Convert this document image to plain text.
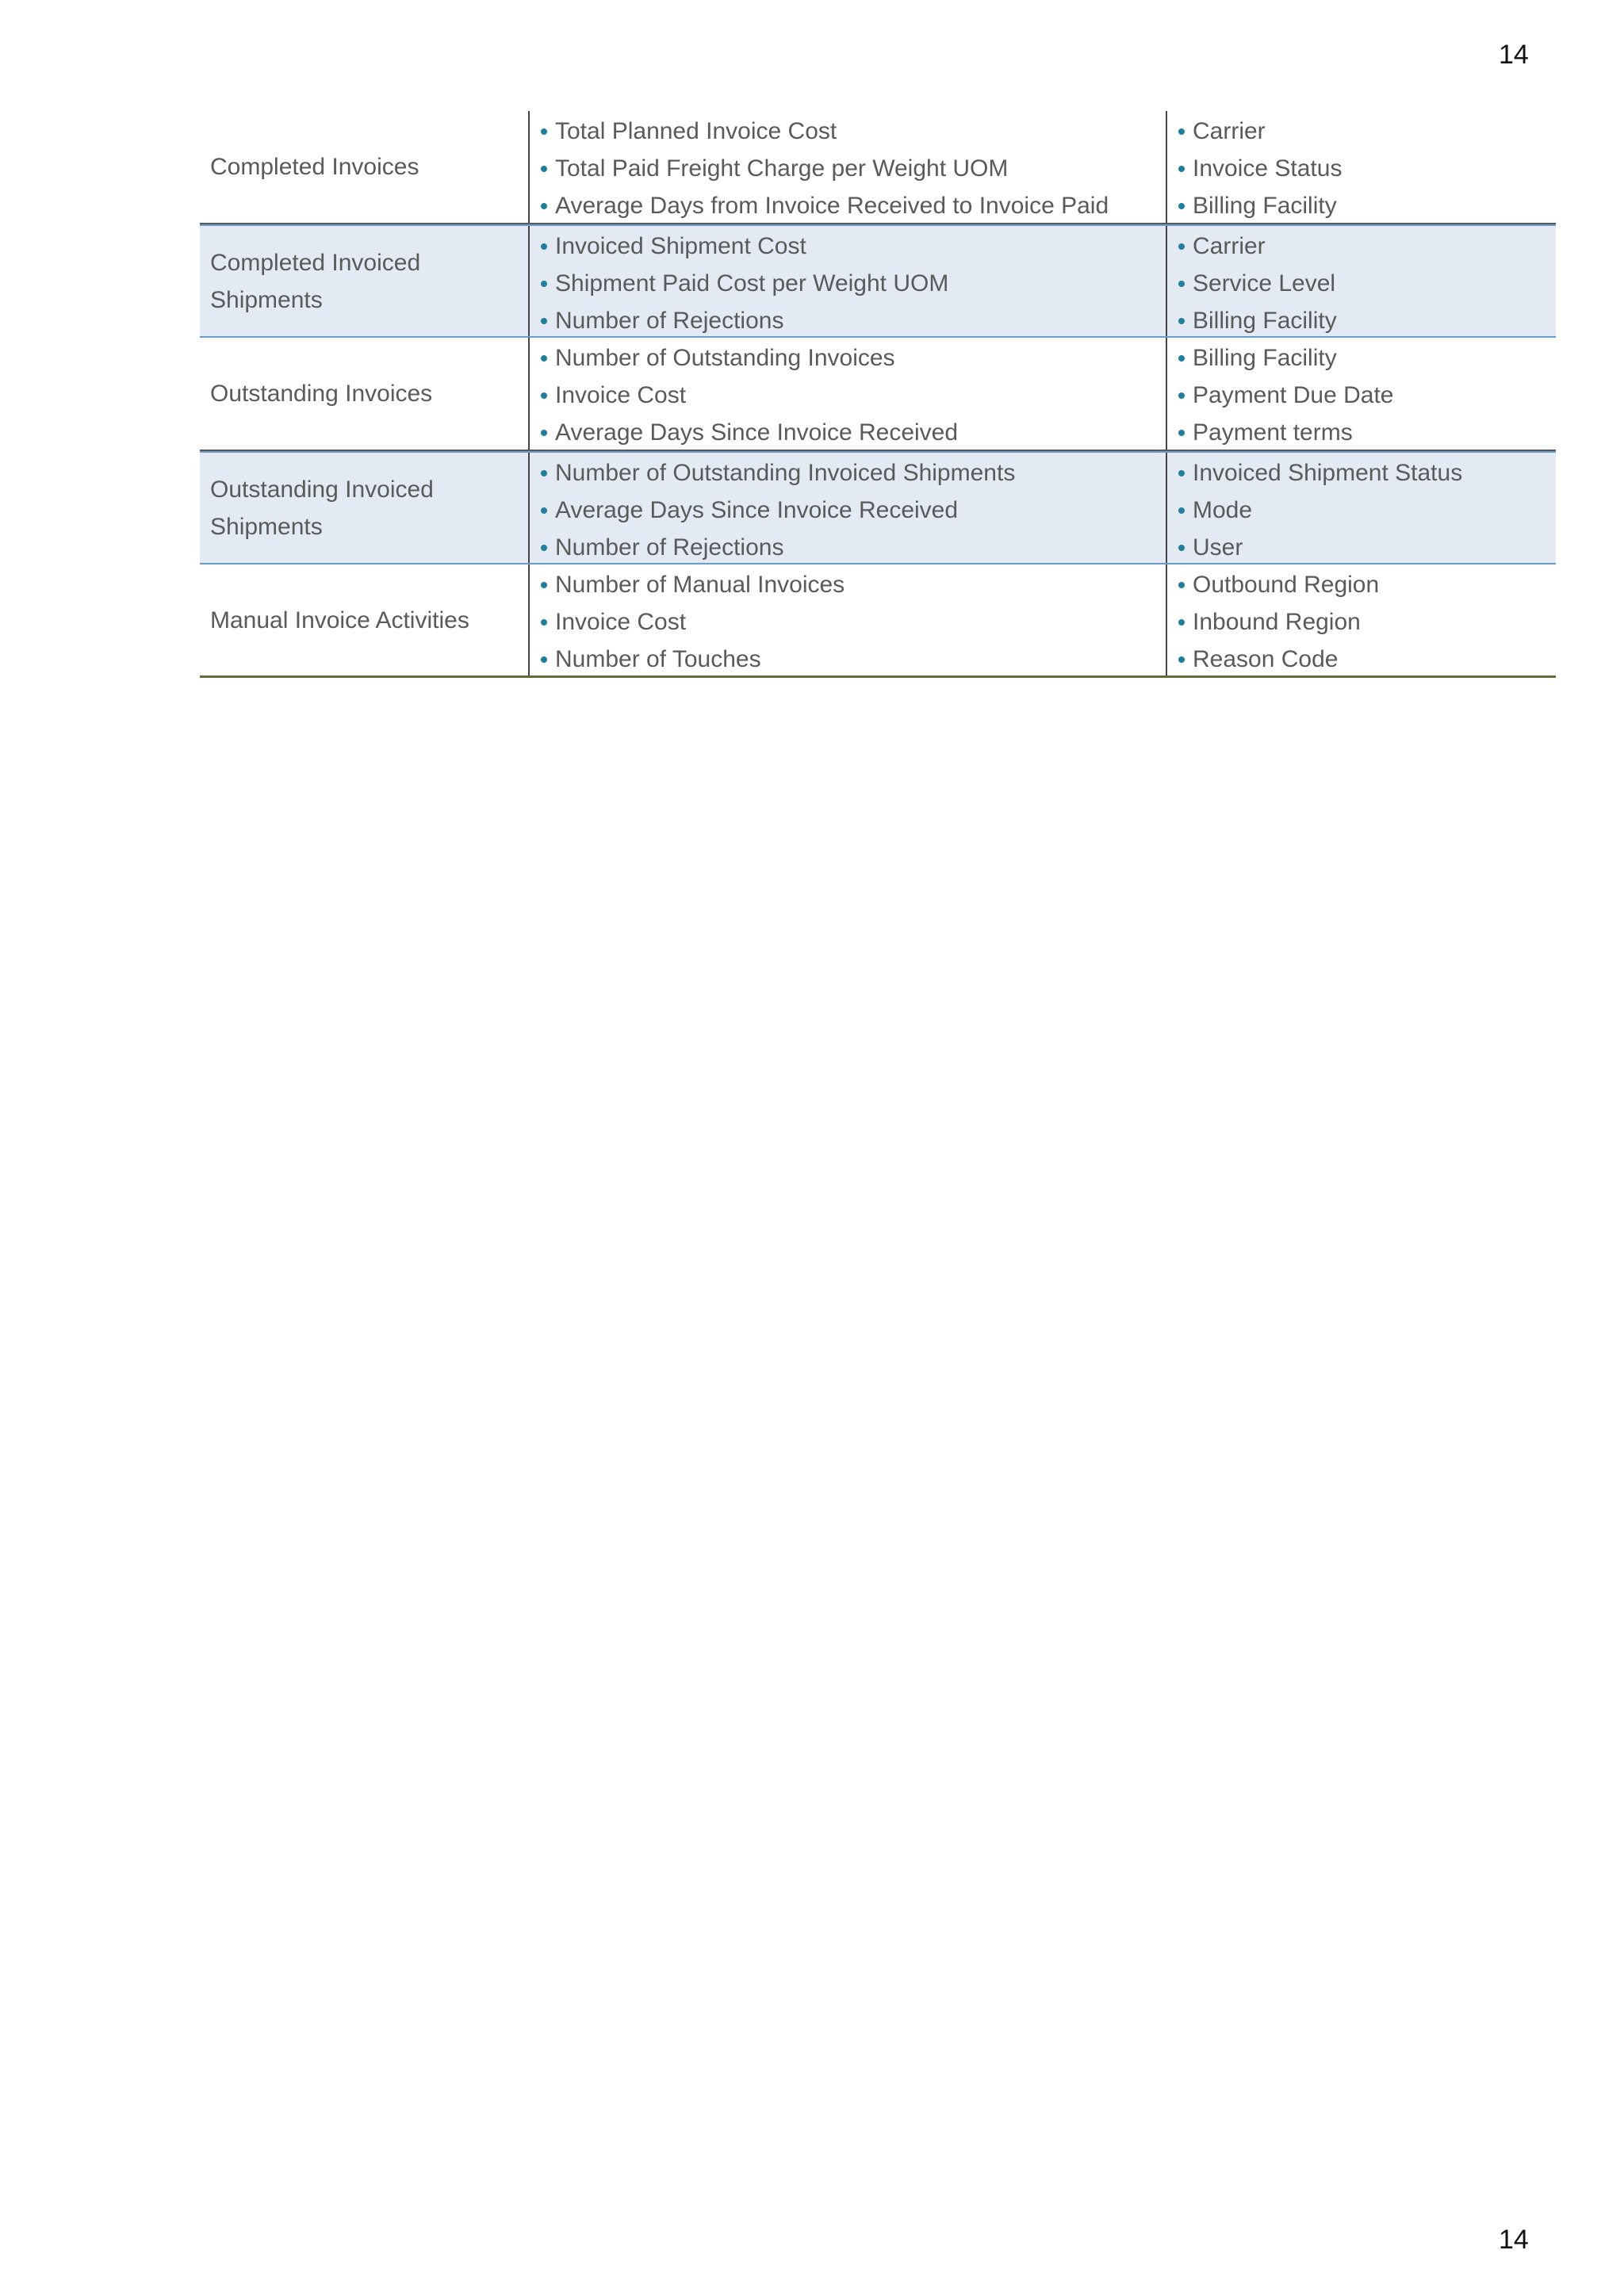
14
Completed Invoices
Total Planned Invoice Cost
Total Paid Freight Charge per Weight UOM
Average Days from Invoice Received to Invoice Paid
Carrier
Invoice Status
Billing Facility
Completed Invoiced Shipments
Invoiced Shipment Cost
Shipment Paid Cost per Weight UOM
Number of Rejections
Carrier
Service Level
Billing Facility
Outstanding Invoices
Number of Outstanding Invoices
Invoice Cost
Average Days Since Invoice Received
Billing Facility
Payment Due Date
Payment terms
Outstanding Invoiced Shipments
Number of Outstanding Invoiced Shipments
Average Days Since Invoice Received
Number of Rejections
Invoiced Shipment Status
Mode
User
Manual Invoice Activities
Number of Manual Invoices
Invoice Cost
Number of Touches
Outbound Region
Inbound Region
Reason Code
14
